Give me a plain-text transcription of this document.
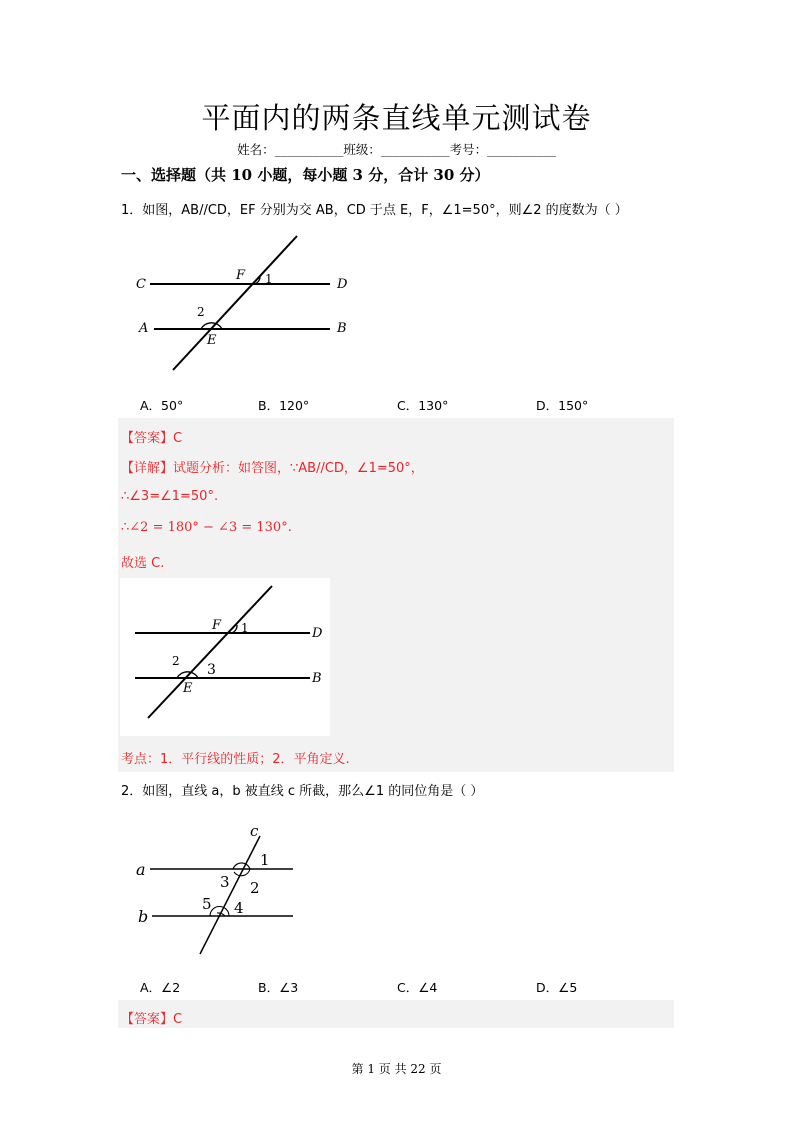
平面内的两条直线单元测试卷
姓名：___________班级：___________考号：___________
一、选择题（共 10 小题，每小题 3 分，合计 30 分）
1．如图，AB//CD，EF 分别为交 AB，CD 于点 E，F，∠1=50°，则∠2 的度数为（ ）
C	D
A	B
F
E
1
2
A．50°	B．120°	C．130°	D．150°
【答案】C
【详解】试题分析：如答图，∵AB//CD，∠1=50°，
∴∠3=∠1=50°.
∴∠2 = 180° − ∠3 = 130°.
故选 C.
F
D
E
B
1
2
3
考点：1．平行线的性质；2．平角定义.
2．如图，直线 a，b 被直线 c 所截，那么∠1 的同位角是（ ）
c
a
b
1
2
3
4
5
A．∠2	B．∠3	C．∠4	D．∠5
【答案】C
第 1 页 共 22 页
